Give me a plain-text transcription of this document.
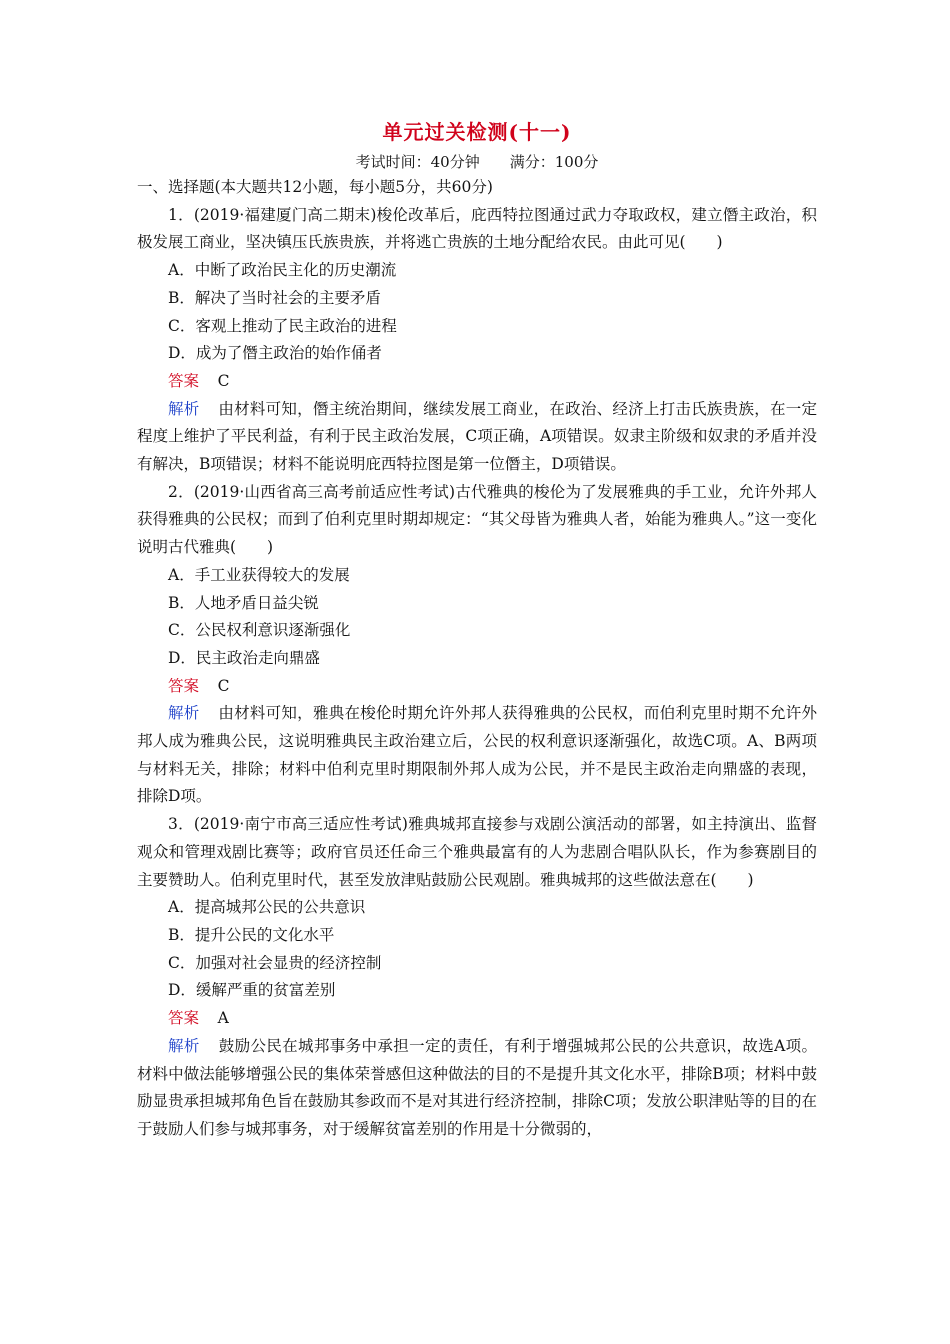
单元过关检测(十一)

考试时间：40分钟　　满分：100分

一、选择题(本大题共12小题，每小题5分，共60分)

1．(2019·福建厦门高二期末)梭伦改革后，庇西特拉图通过武力夺取政权，建立僭主政治，积极发展工商业，坚决镇压氏族贵族，并将逃亡贵族的土地分配给农民。由此可见(　　)

A．中断了政治民主化的历史潮流

B．解决了当时社会的主要矛盾

C．客观上推动了民主政治的进程

D．成为了僭主政治的始作俑者

答案 C

解析 由材料可知，僭主统治期间，继续发展工商业，在政治、经济上打击氏族贵族，在一定程度上维护了平民利益，有利于民主政治发展，C项正确，A项错误。奴隶主阶级和奴隶的矛盾并没有解决，B项错误；材料不能说明庇西特拉图是第一位僭主，D项错误。

2．(2019·山西省高三高考前适应性考试)古代雅典的梭伦为了发展雅典的手工业，允许外邦人获得雅典的公民权；而到了伯利克里时期却规定：“其父母皆为雅典人者，始能为雅典人。”这一变化说明古代雅典(　　)

A．手工业获得较大的发展

B．人地矛盾日益尖锐

C．公民权利意识逐渐强化

D．民主政治走向鼎盛

答案 C

解析 由材料可知，雅典在梭伦时期允许外邦人获得雅典的公民权，而伯利克里时期不允许外邦人成为雅典公民，这说明雅典民主政治建立后，公民的权利意识逐渐强化，故选C项。A、B两项与材料无关，排除；材料中伯利克里时期限制外邦人成为公民，并不是民主政治走向鼎盛的表现，排除D项。

3．(2019·南宁市高三适应性考试)雅典城邦直接参与戏剧公演活动的部署，如主持演出、监督观众和管理戏剧比赛等；政府官员还任命三个雅典最富有的人为悲剧合唱队队长，作为参赛剧目的主要赞助人。伯利克里时代，甚至发放津贴鼓励公民观剧。雅典城邦的这些做法意在(　　)

A．提高城邦公民的公共意识

B．提升公民的文化水平

C．加强对社会显贵的经济控制

D．缓解严重的贫富差别

答案 A

解析 鼓励公民在城邦事务中承担一定的责任，有利于增强城邦公民的公共意识，故选A项。材料中做法能够增强公民的集体荣誉感但这种做法的目的不是提升其文化水平，排除B项；材料中鼓励显贵承担城邦角色旨在鼓励其参政而不是对其进行经济控制，排除C项；发放公职津贴等的目的在于鼓励人们参与城邦事务，对于缓解贫富差别的作用是十分微弱的，
